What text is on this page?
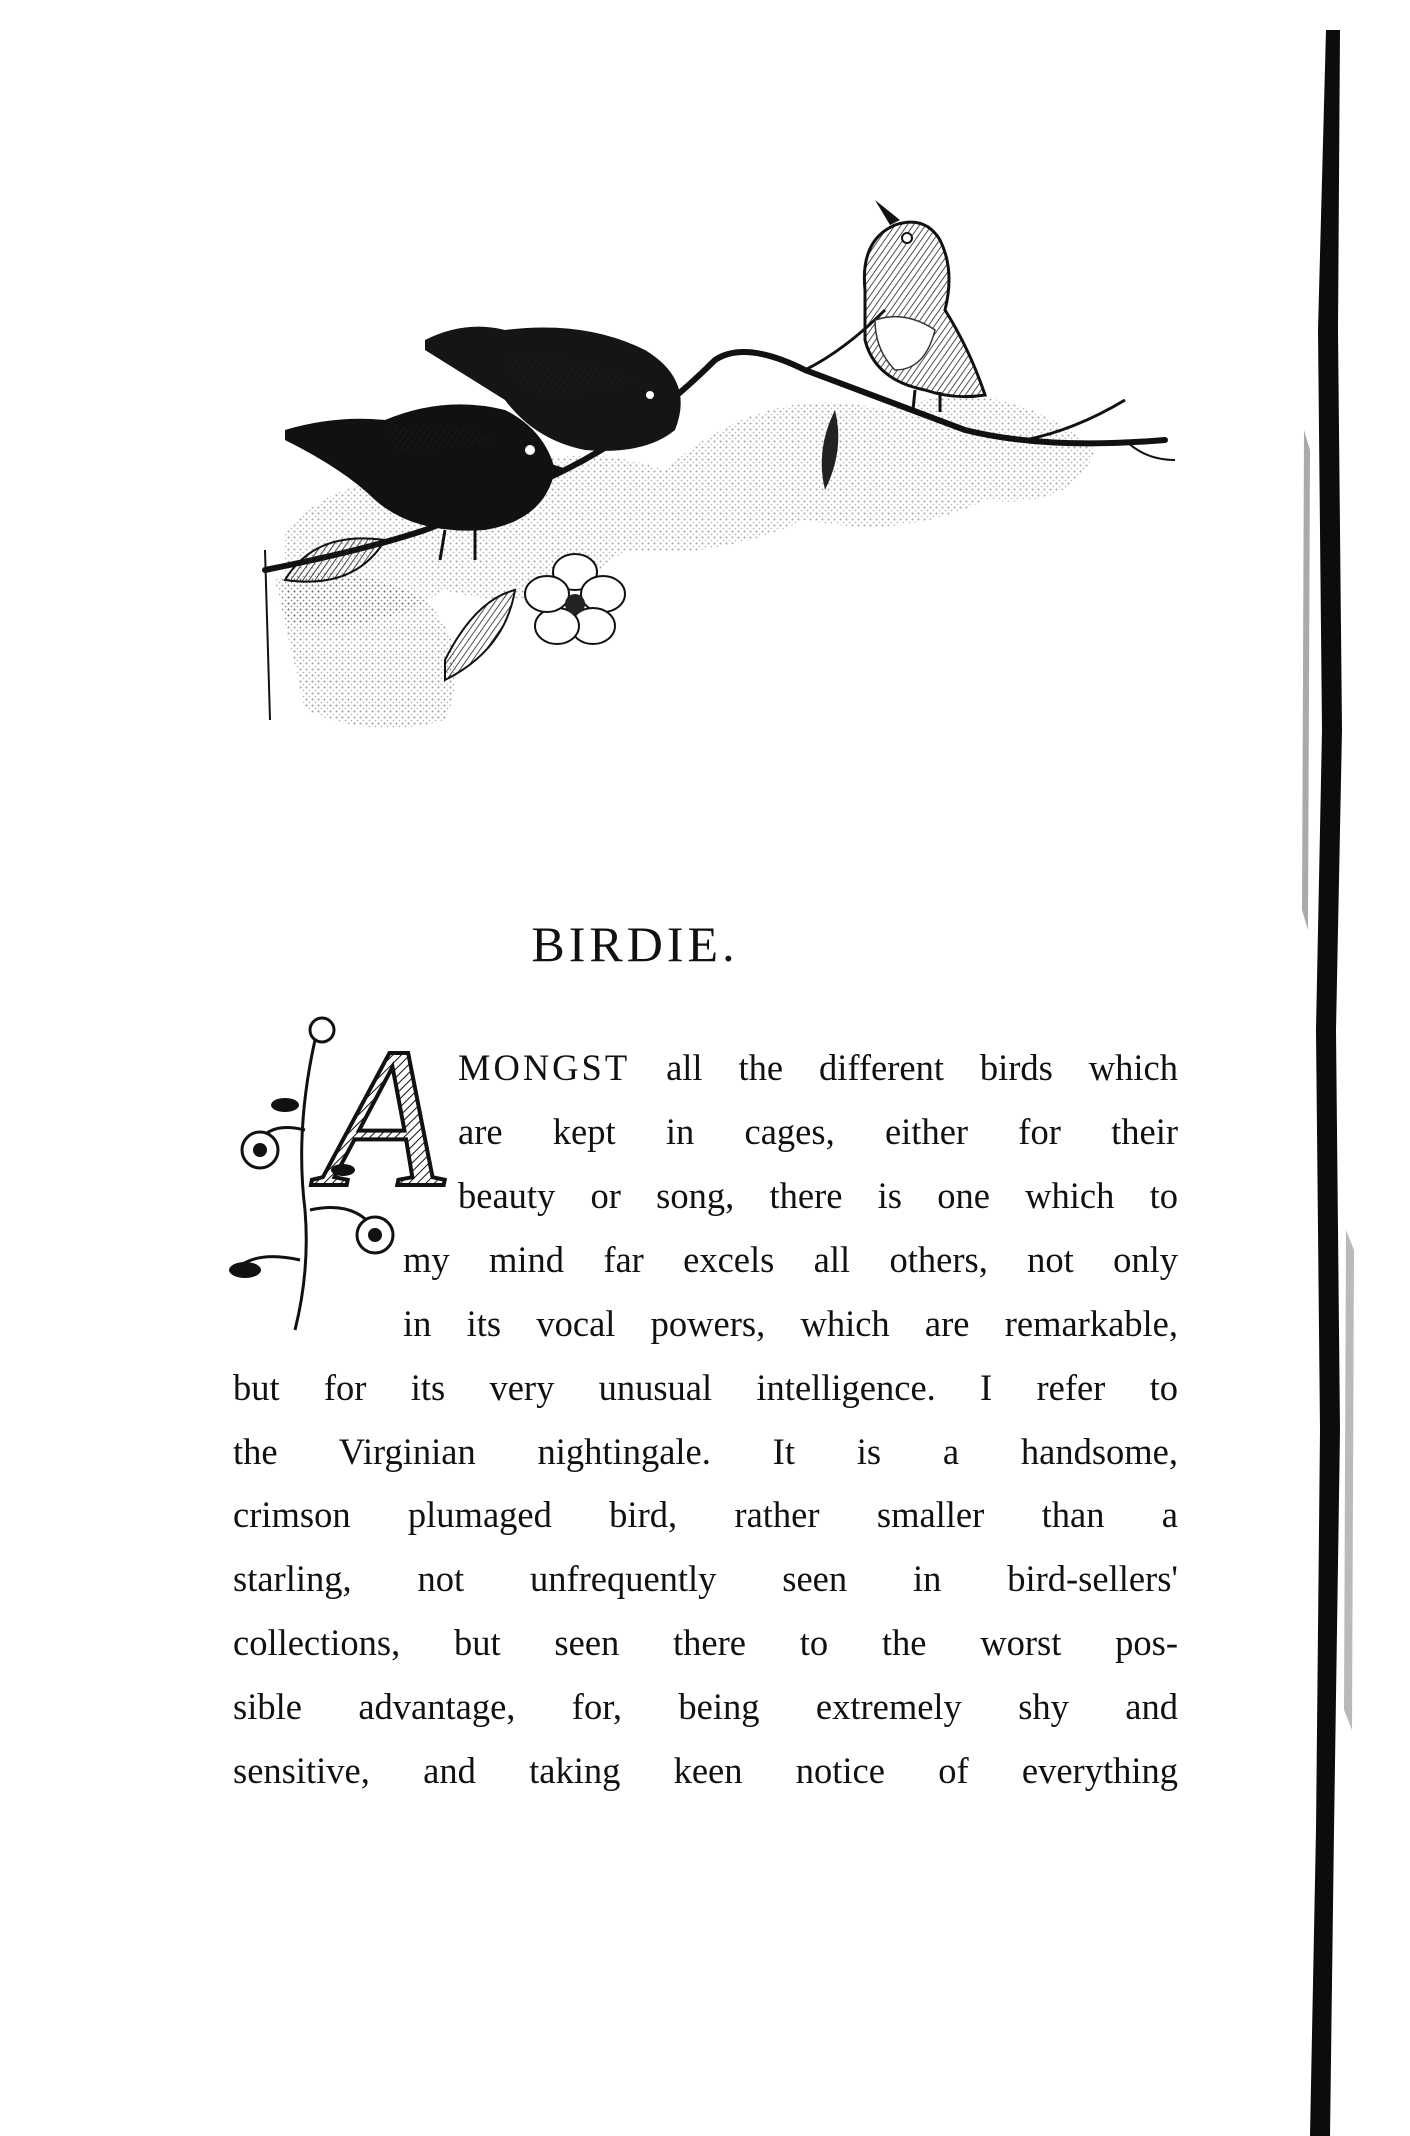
BIRDIE.
A MONGST all the different birds which
are kept in cages, either for their
beauty or song, there is one which to
my mind far excels all others, not only
in its vocal powers, which are remarkable,
but for its very unusual intelligence. I refer to
the Virginian nightingale. It is a handsome,
crimson plumaged bird, rather smaller than a
starling, not unfrequently seen in bird-sellers'
collections, but seen there to the worst pos-
sible advantage, for, being extremely shy and
sensitive, and taking keen notice of everything
